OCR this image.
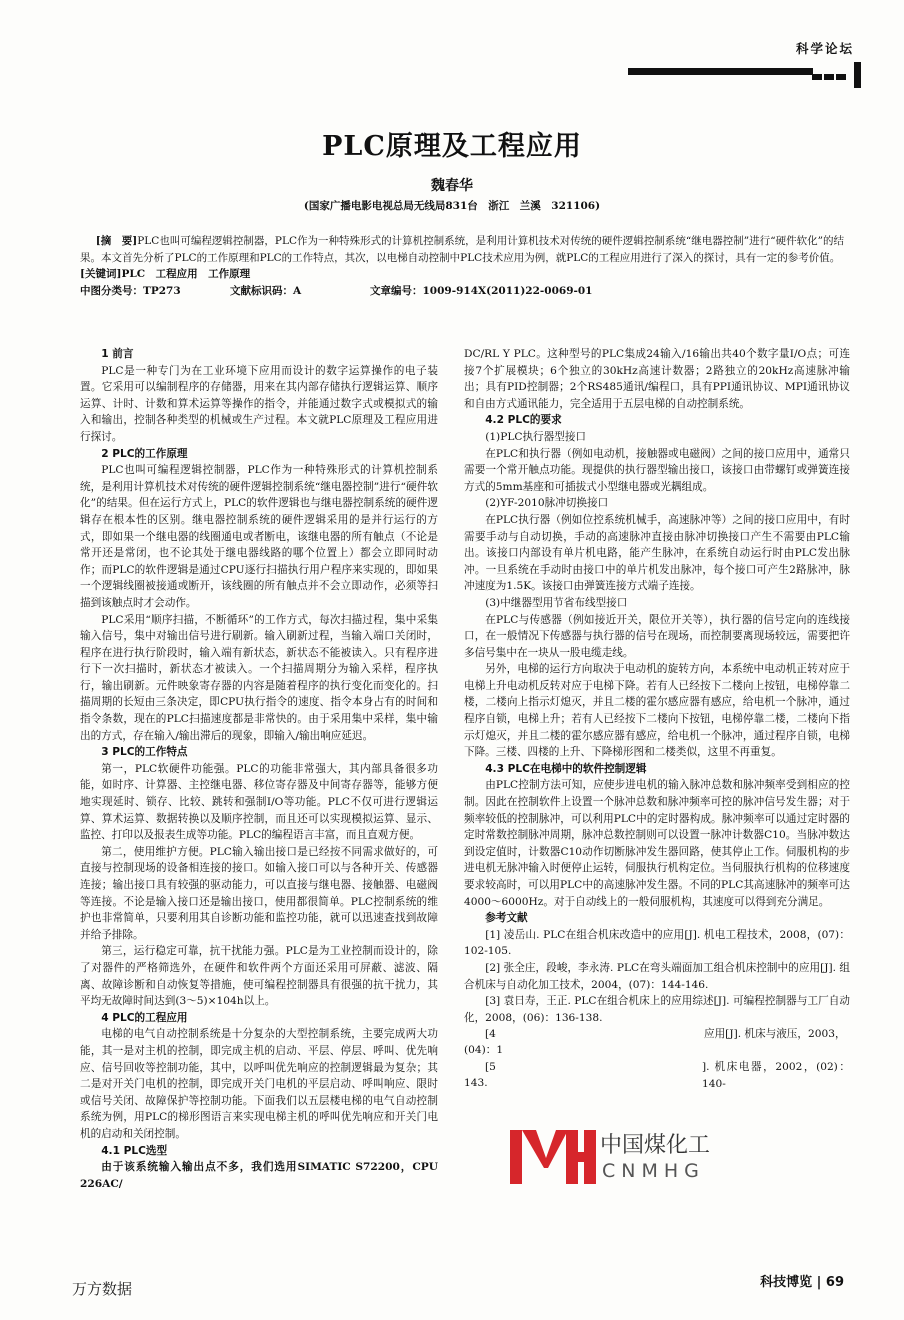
科学论坛
PLC原理及工程应用
魏春华
(国家广播电影电视总局无线局831台　浙江　兰溪　321106)
[摘　要]PLC也叫可编程逻辑控制器，PLC作为一种特殊形式的计算机控制系统，是利用计算机技术对传统的硬件逻辑控制系统“继电器控制”进行“硬件软化”的结果。本文首先分析了PLC的工作原理和PLC的工作特点，其次，以电梯自动控制中PLC技术应用为例，就PLC的工程应用进行了深入的探讨，具有一定的参考价值。
[关键词]PLC　工程应用　工作原理
中图分类号：TP273	文献标识码：A	文章编号：1009-914X(2011)22-0069-01
1 前言

PLC是一种专门为在工业环境下应用而设计的数字运算操作的电子装置。它采用可以编制程序的存储器，用来在其内部存储执行逻辑运算、顺序运算、计时、计数和算术运算等操作的指令，并能通过数字式或模拟式的输入和输出，控制各种类型的机械或生产过程。本文就PLC原理及工程应用进行探讨。

2 PLC的工作原理

PLC也叫可编程逻辑控制器，PLC作为一种特殊形式的计算机控制系统，是利用计算机技术对传统的硬件逻辑控制系统“继电器控制”进行“硬件软化”的结果。但在运行方式上，PLC的软件逻辑也与继电器控制系统的硬件逻辑存在根本性的区别。继电器控制系统的硬件逻辑采用的是并行运行的方式，即如果一个继电器的线圈通电或者断电，该继电器的所有触点（不论是常开还是常闭，也不论其处于继电器线路的哪个位置上）都会立即同时动作；而PLC的软件逻辑是通过CPU逐行扫描执行用户程序来实现的，即如果一个逻辑线圈被接通或断开，该线圈的所有触点并不会立即动作，必须等扫描到该触点时才会动作。

PLC采用“顺序扫描，不断循环”的工作方式，每次扫描过程，集中采集输入信号，集中对输出信号进行刷新。输入刷新过程，当输入端口关闭时，程序在进行执行阶段时，输入端有新状态，新状态不能被读入。只有程序进行下一次扫描时，新状态才被读入。一个扫描周期分为输入采样，程序执行，输出刷新。元件映象寄存器的内容是随着程序的执行变化而变化的。扫描周期的长短由三条决定，即CPU执行指令的速度、指令本身占有的时间和指令条数，现在的PLC扫描速度都是非常快的。由于采用集中采样，集中输出的方式，存在输入/输出滞后的现象，即输入/输出响应延迟。

3 PLC的工作特点

第一，PLC软硬件功能强。PLC的功能非常强大，其内部具备很多功能，如时序、计算器、主控继电器、移位寄存器及中间寄存器等，能够方便地实现延时、锁存、比较、跳转和强制I/O等功能。PLC不仅可进行逻辑运算、算术运算、数据转换以及顺序控制，而且还可以实现模拟运算、显示、监控、打印以及报表生成等功能。PLC的编程语言丰富，而且直观方便。

第二，使用维护方便。PLC输入输出接口是已经按不同需求做好的，可直接与控制现场的设备相连接的接口。如输入接口可以与各种开关、传感器连接；输出接口具有较强的驱动能力，可以直接与继电器、接触器、电磁阀等连接。不论是输入接口还是输出接口，使用都很简单。PLC控制系统的维护也非常简单，只要利用其自诊断功能和监控功能，就可以迅速查找到故障并给予排除。

第三，运行稳定可靠，抗干扰能力强。PLC是为工业控制而设计的，除了对器件的严格筛选外，在硬件和软件两个方面还采用可屏蔽、滤波、隔离、故障诊断和自动恢复等措施，使可编程控制器具有很强的抗干扰力，其平均无故障时间达到(3～5)×104h以上。

4 PLC的工程应用

电梯的电气自动控制系统是十分复杂的大型控制系统，主要完成两大功能，其一是对主机的控制，即完成主机的启动、平层、停层、呼叫、优先响应、信号回收等控制功能，其中，以呼叫优先响应的控制逻辑最为复杂；其二是对开关门电机的控制，即完成开关门电机的平层启动、呼叫响应、限时或信号关闭、故障保护等控制功能。下面我们以五层楼电梯的电气自动控制系统为例，用PLC的梯形图语言来实现电梯主机的呼叫优先响应和开关门电机的启动和关闭控制。

4.1 PLC选型

由于该系统输入输出点不多，我们选用SIMATIC S72200，CPU 226AC/

DC/RL Y PLC。这种型号的PLC集成24输入/16输出共40个数字量I/O点；可连接7个扩展模块；6个独立的30kHz高速计数器；2路独立的20kHz高速脉冲输出；具有PID控制器；2个RS485通讯/编程口，具有PPI通讯协议、MPI通讯协议和自由方式通讯能力，完全适用于五层电梯的自动控制系统。

4.2 PLC的要求

(1)PLC执行器型接口

在PLC和执行器（例如电动机，接触器或电磁阀）之间的接口应用中，通常只需要一个常开触点功能。现提供的执行器型输出接口，该接口由带螺钉或弹簧连接方式的5mm基座和可插拔式小型继电器或光耦组成。

(2)YF-2010脉冲切换接口

在PLC执行器（例如位控系统机械手，高速脉冲等）之间的接口应用中，有时需要手动与自动切换，手动的高速脉冲直接由脉冲切换接口产生不需要由PLC输出。该接口内部设有单片机电路，能产生脉冲，在系统自动运行时由PLC发出脉冲。一旦系统在手动时由接口中的单片机发出脉冲，每个接口可产生2路脉冲，脉冲速度为1.5K。该接口由弹簧连接方式端子连接。

(3)中继器型用节省布线型接口

在PLC与传感器（例如接近开关，限位开关等），执行器的信号定向的连线接口，在一般情况下传感器与执行器的信号在现场，而控制要离现场较远，需要把许多信号集中在一块从一股电缆走线。

另外，电梯的运行方向取决于电动机的旋转方向，本系统中电动机正转对应于电梯上升电动机反转对应于电梯下降。若有人已经按下二楼向上按钮，电梯停靠二楼，二楼向上指示灯熄灭，并且二楼的霍尔感应器有感应，给电机一个脉冲，通过程序自锁，电梯上升；若有人已经按下二楼向下按钮，电梯停靠二楼，二楼向下指示灯熄灭，并且二楼的霍尔感应器有感应，给电机一个脉冲，通过程序自锁，电梯下降。三楼、四楼的上升、下降梯形图和二楼类似，这里不再重复。

4.3 PLC在电梯中的软件控制逻辑

由PLC控制方法可知，应使步进电机的输入脉冲总数和脉冲频率受到相应的控制。因此在控制软件上设置一个脉冲总数和脉冲频率可控的脉冲信号发生器；对于频率较低的控制脉冲，可以利用PLC中的定时器构成。脉冲频率可以通过定时器的定时常数控制脉冲周期，脉冲总数控制则可以设置一脉冲计数器C10。当脉冲数达到设定值时，计数器C10动作切断脉冲发生器回路，使其停止工作。伺服机构的步进电机无脉冲输入时便停止运转，伺服执行机构定位。当伺服执行机构的位移速度要求较高时，可以用PLC中的高速脉冲发生器。不同的PLC其高速脉冲的频率可达4000～6000Hz。对于自动线上的一般伺服机构，其速度可以得到充分满足。

参考文献

[1] 凌岳山. PLC在组合机床改造中的应用[J]. 机电工程技术，2008，(07)：102-105.

[2] 张全庄，段峻，李永涛. PLC在弯头端面加工组合机床控制中的应用[J]. 组合机床与自动化加工技术，2004，(07)：144-146.

[3] 袁日寿，王正. PLC在组合机床上的应用综述[J]. 可编程控制器与工厂自动化，2008，(06)：136-138.

[4	应用[J]. 机床与液压，2003，
(04)：1
[5	]. 机床电器，2002，(02)：140-
143.
中国煤化工
CNMHG
万方数据	科技博览 | 69
